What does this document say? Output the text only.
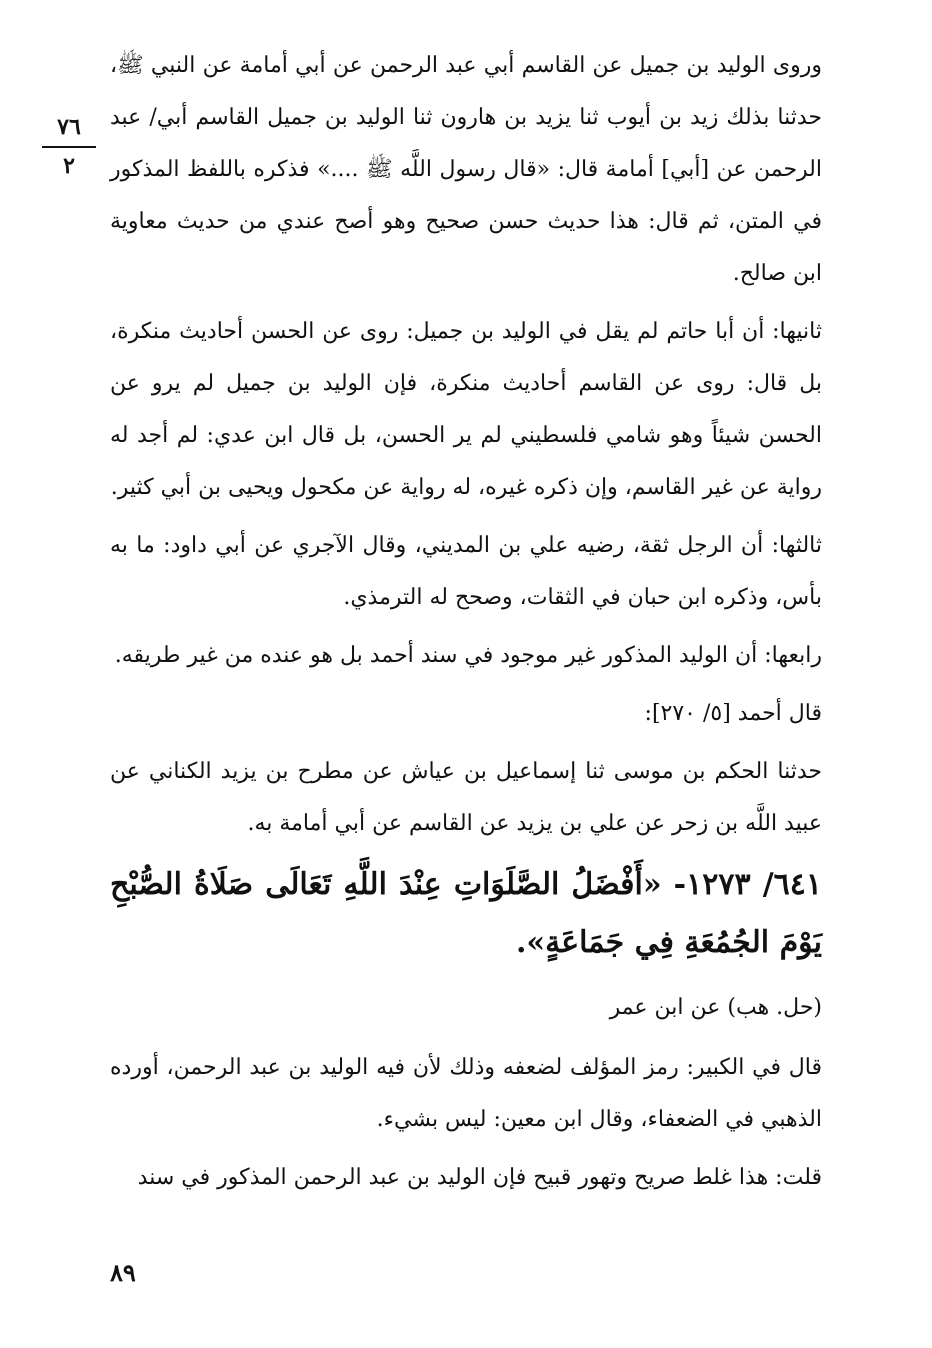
٧٦
٢

وروى الوليد بن جميل عن القاسم أبي عبد الرحمن عن أبي أمامة عن النبي ﷺ، حدثنا بذلك زيد بن أيوب ثنا يزيد بن هارون ثنا الوليد بن جميل القاسم أبي/ عبد الرحمن عن [أبي] أمامة قال: «قال رسول اللَّه ﷺ ....» فذكره باللفظ المذكور في المتن، ثم قال: هذا حديث حسن صحيح وهو أصح عندي من حديث معاوية ابن صالح.

ثانيها: أن أبا حاتم لم يقل في الوليد بن جميل: روى عن الحسن أحاديث منكرة، بل قال: روى عن القاسم أحاديث منكرة، فإن الوليد بن جميل لم يرو عن الحسن شيئاً وهو شامي فلسطيني لم ير الحسن، بل قال ابن عدي: لم أجد له رواية عن غير القاسم، وإن ذكره غيره، له رواية عن مكحول ويحيى بن أبي كثير.

ثالثها: أن الرجل ثقة، رضيه علي بن المديني، وقال الآجري عن أبي داود: ما به بأس، وذكره ابن حبان في الثقات، وصحح له الترمذي.

رابعها: أن الوليد المذكور غير موجود في سند أحمد بل هو عنده من غير طريقه.

قال أحمد [٥/ ٢٧٠]:

حدثنا الحكم بن موسى ثنا إسماعيل بن عياش عن مطرح بن يزيد الكناني عن عبيد اللَّه بن زحر عن علي بن يزيد عن القاسم عن أبي أمامة به.

٦٤١/ ١٢٧٣- «أَفْضَلُ الصَّلَوَاتِ عِنْدَ اللَّهِ تَعَالَى صَلَاةُ الصُّبْحِ يَوْمَ الجُمُعَةِ فِي جَمَاعَةٍ».

(حل. هب) عن ابن عمر

قال في الكبير: رمز المؤلف لضعفه وذلك لأن فيه الوليد بن عبد الرحمن، أورده الذهبي في الضعفاء، وقال ابن معين: ليس بشيء.

قلت: هذا غلط صريح وتهور قبيح فإن الوليد بن عبد الرحمن المذكور في سند

٨٩
